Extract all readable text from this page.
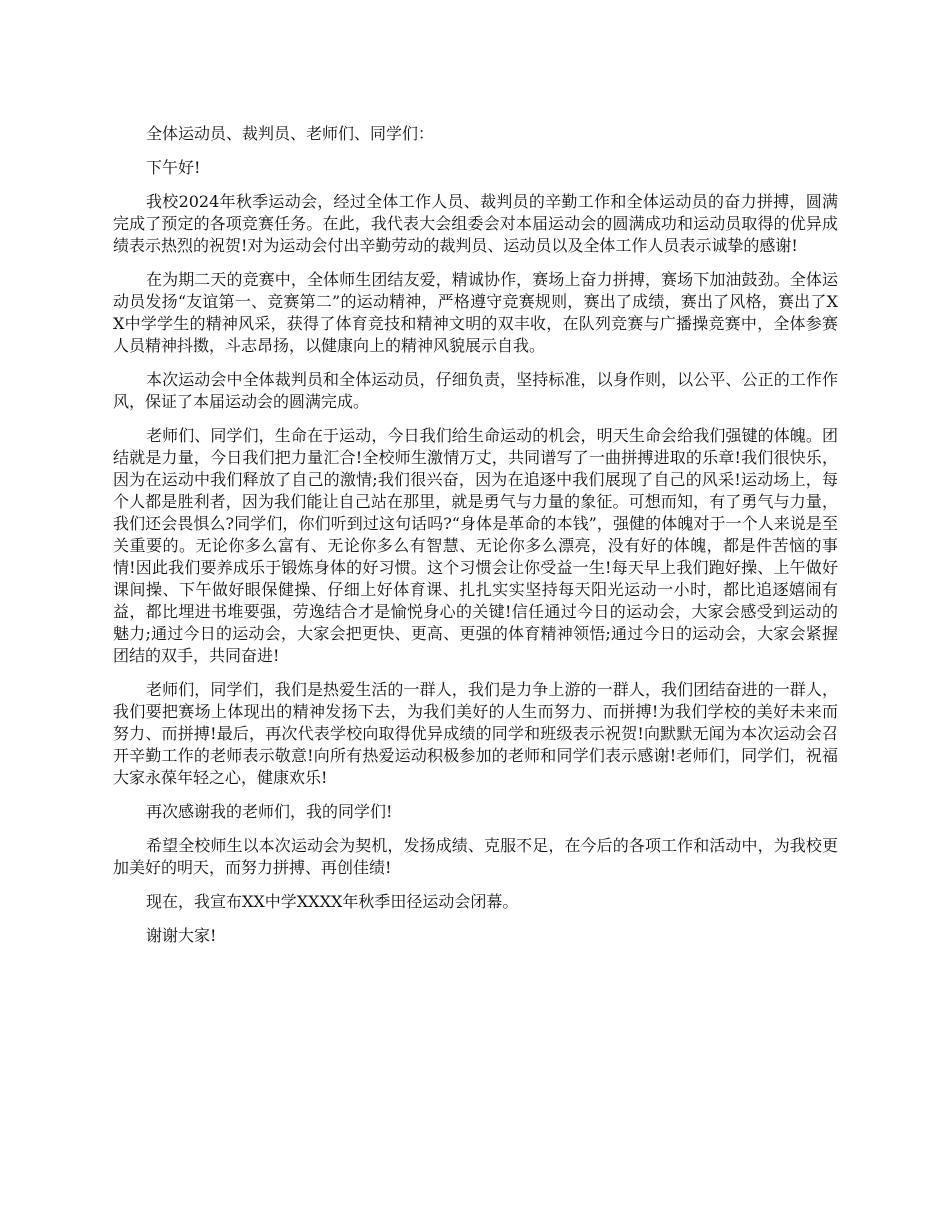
全体运动员、裁判员、老师们、同学们：

下午好!

我校2024年秋季运动会，经过全体工作人员、裁判员的辛勤工作和全体运动员的奋力拼搏，圆满完成了预定的各项竞赛任务。在此，我代表大会组委会对本届运动会的圆满成功和运动员取得的优异成绩表示热烈的祝贺!对为运动会付出辛勤劳动的裁判员、运动员以及全体工作人员表示诚挚的感谢!

在为期二天的竞赛中，全体师生团结友爱，精诚协作，赛场上奋力拼搏，赛场下加油鼓劲。全体运动员发扬“友谊第一、竞赛第二”的运动精神，严格遵守竞赛规则，赛出了成绩，赛出了风格，赛出了XX中学学生的精神风采，获得了体育竞技和精神文明的双丰收，在队列竞赛与广播操竞赛中，全体参赛人员精神抖擞，斗志昂扬，以健康向上的精神风貌展示自我。

本次运动会中全体裁判员和全体运动员，仔细负责，坚持标准，以身作则，以公平、公正的工作作风，保证了本届运动会的圆满完成。

老师们、同学们，生命在于运动，今日我们给生命运动的机会，明天生命会给我们强键的体魄。团结就是力量，今日我们把力量汇合!全校师生激情万丈，共同谱写了一曲拼搏进取的乐章!我们很快乐，因为在运动中我们释放了自己的激情;我们很兴奋，因为在追逐中我们展现了自己的风采!运动场上，每个人都是胜利者，因为我们能让自己站在那里，就是勇气与力量的象征。可想而知，有了勇气与力量，我们还会畏惧么?同学们，你们听到过这句话吗?“身体是革命的本钱”，强健的体魄对于一个人来说是至关重要的。无论你多么富有、无论你多么有智慧、无论你多么漂亮，没有好的体魄，都是件苦恼的事情!因此我们要养成乐于锻炼身体的好习惯。这个习惯会让你受益一生!每天早上我们跑好操、上午做好课间操、下午做好眼保健操、仔细上好体育课、扎扎实实坚持每天阳光运动一小时，都比追逐嬉闹有益，都比埋进书堆要强，劳逸结合才是愉悦身心的关键!信任通过今日的运动会，大家会感受到运动的魅力;通过今日的运动会，大家会把更快、更高、更强的体育精神领悟;通过今日的运动会，大家会紧握团结的双手，共同奋进!

老师们，同学们，我们是热爱生活的一群人，我们是力争上游的一群人，我们团结奋进的一群人，我们要把赛场上体现出的精神发扬下去，为我们美好的人生而努力、而拼搏!为我们学校的美好未来而努力、而拼搏!最后，再次代表学校向取得优异成绩的同学和班级表示祝贺!向默默无闻为本次运动会召开辛勤工作的老师表示敬意!向所有热爱运动积极参加的老师和同学们表示感谢!老师们，同学们，祝福大家永葆年轻之心，健康欢乐!

再次感谢我的老师们，我的同学们!

希望全校师生以本次运动会为契机，发扬成绩、克服不足，在今后的各项工作和活动中，为我校更加美好的明天，而努力拼搏、再创佳绩!

现在，我宣布XX中学XXXX年秋季田径运动会闭幕。

谢谢大家!
